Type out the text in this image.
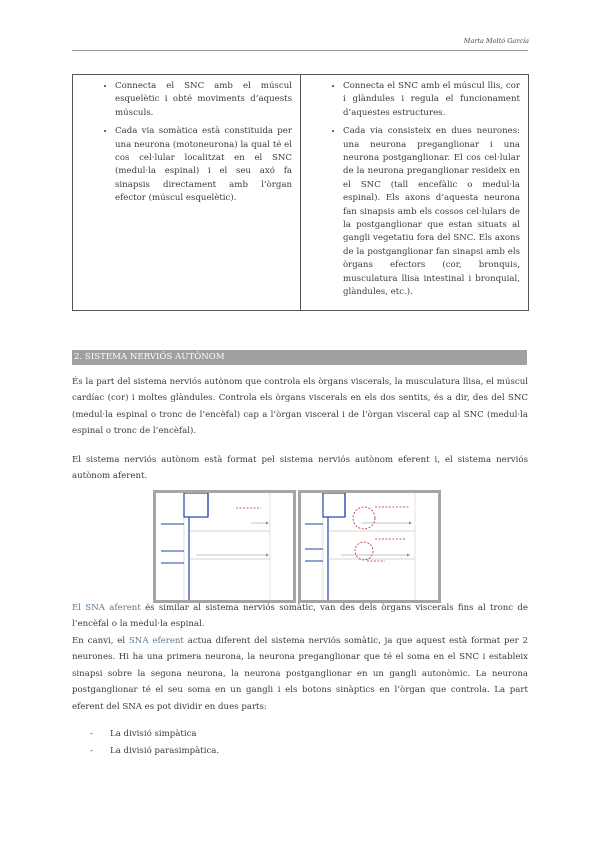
Marta Moltó García
• Connecta el SNC amb el múscul esquelètic i obté moviments d’aquests músculs.
• Cada via somàtica està constituida per una neurona (motoneurona) la qual té el cos cel·lular localitzat en el SNC (medul·la espinal) i el seu axó fa sinapsis directament amb l’òrgan efector (múscul esquelètic).

• Connecta el SNC amb el múscul llis, cor i glàndules i regula el funcionament d’aquestes estructures.
• Cada via consisteix en dues neurones: una neurona preganglionar i una neurona postganglionar. El cos cel·lular de la neurona preganglionar resideix en el SNC (tall encefàlic o medul·la espinal). Els axons d’aquesta neurona fan sinapsis amb els cossos cel·lulars de la postganglionar que estan situats al gangli vegetatiu fora del SNC. Els axons de la postganglionar fan sinapsi amb els òrgans efectors (cor, bronquis, musculatura llisa intestinal i bronquial, glàndules, etc.).
2. SISTEMA NERVIÓS AUTÒNOM

És la part del sistema nerviós autònom que controla els òrgans viscerals, la musculatura llisa, el múscul cardíac (cor) i moltes glàndules. Controla els òrgans viscerals en els dos sentits, és a dir, des del SNC (medul·la espinal o tronc de l’encèfal) cap a l’òrgan visceral i de l’òrgan visceral cap al SNC (medul·la espinal o tronc de l’encèfal).

El sistema nerviós autònom està format pel sistema nerviós autònom eferent i, el sistema nerviós autònom aferent.

El SNA aferent és similar al sistema nerviós somàtic, van des dels òrgans viscerals fins al tronc de l’encèfal o la medul·la espinal.

En canvi, el SNA eferent actua diferent del sistema nerviós somàtic, ja que aquest està format per 2 neurones. Hi ha una primera neurona, la neurona preganglionar que té el soma en el SNC i estableix sinapsi sobre la segona neurona, la neurona postganglionar en un gangli autonòmic. La neurona postganglionar té el seu soma en un gangli i els botons sinàptics en l’òrgan que controla. La part eferent del SNA es pot dividir en dues parts:

- La divisió simpàtica
- La divisió parasimpàtica.
